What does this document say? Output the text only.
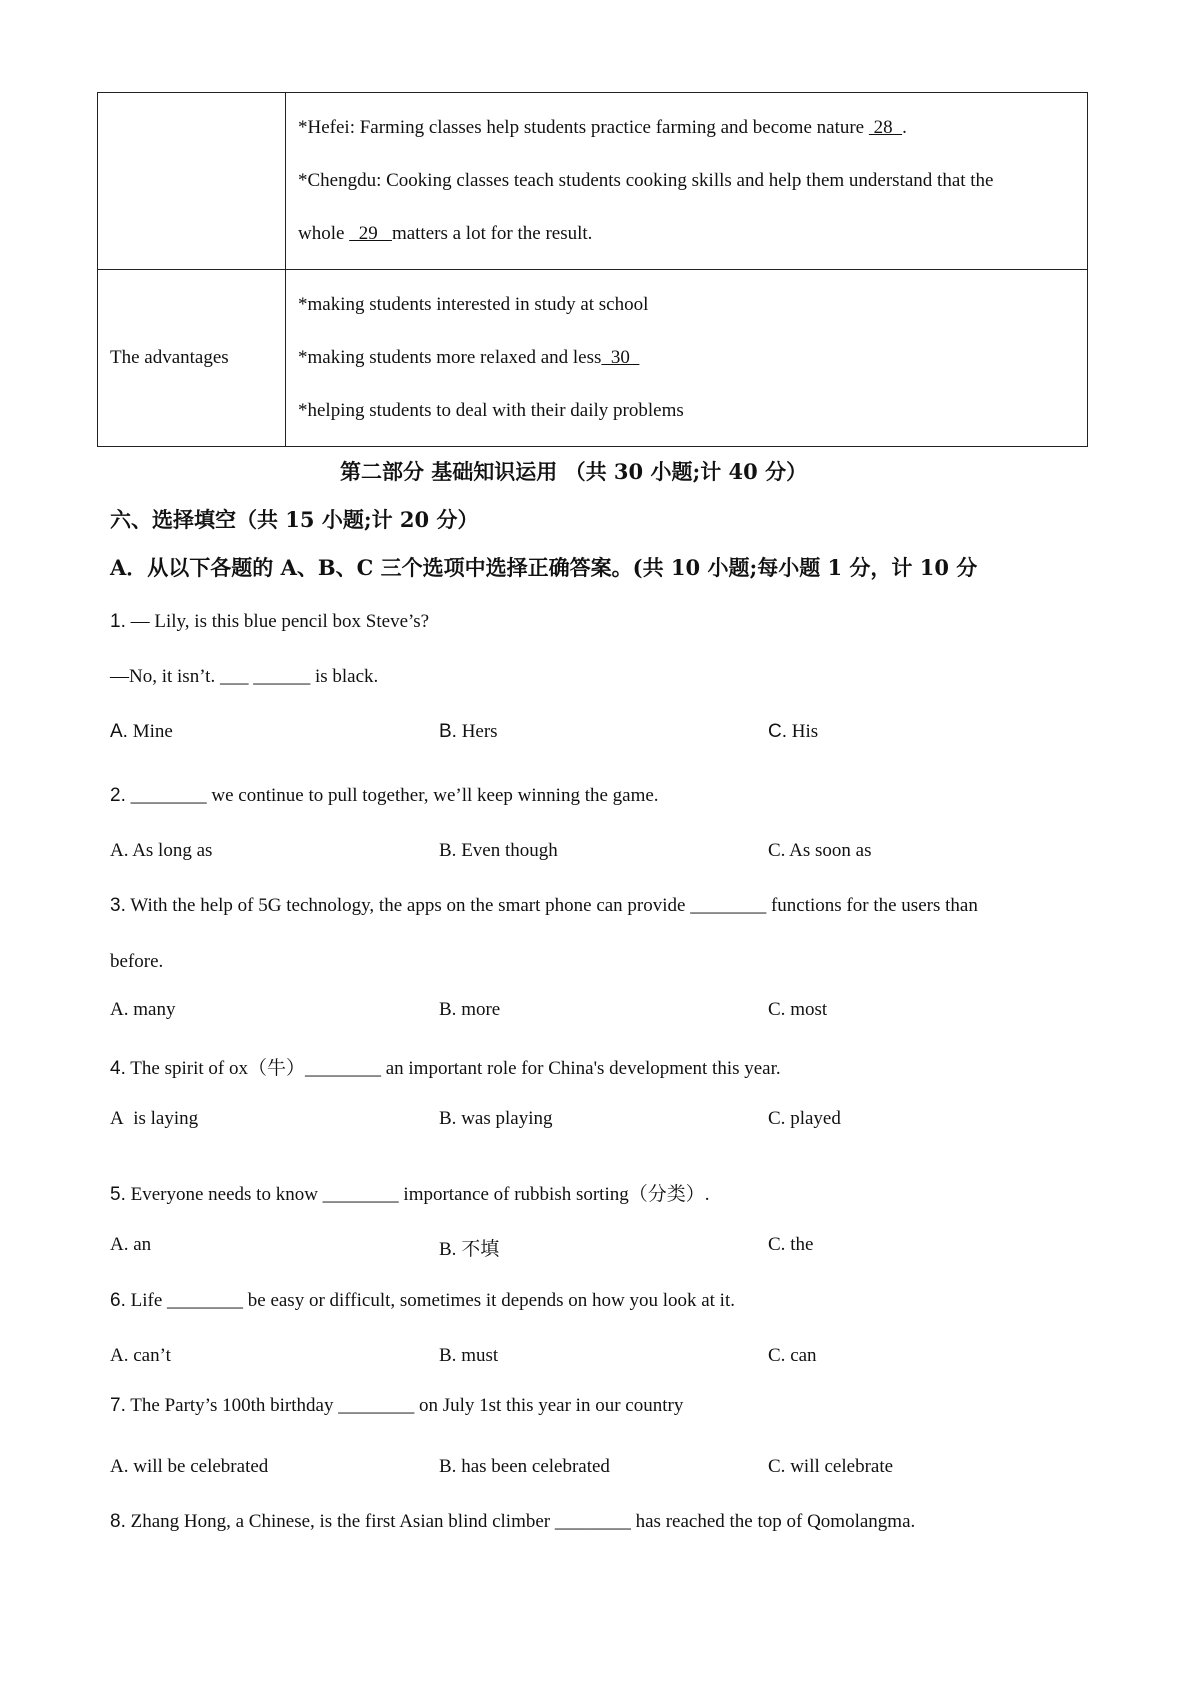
	*Hefei: Farming classes help students practice farming and become nature  28  .
*Chengdu: Cooking classes teach students cooking skills and help them understand that the
whole   29   matters a lot for the result.

The advantages	*making students interested in study at school
*making students more relaxed and less  30
*helping students to deal with their daily problems
第二部分 基础知识运用 （共 30 小题;计 40 分）
六、选择填空（共 15 小题;计 20 分）
A．从以下各题的 A、B、C 三个选项中选择正确答案。(共 10 小题;每小题 1 分，计 10 分
1. — Lily, is this blue pencil box Steve’s?
—No, it isn’t. ___ ______ is black.
A. Mine	B. Hers	C. His
2. ________ we continue to pull together, we’ll keep winning the game.
A. As long as	B. Even though	C. As soon as
3. With the help of 5G technology, the apps on the smart phone can provide ________ functions for the users than
before.
A. many	B. more	C. most
4. The spirit of ox（牛）________ an important role for China's development this year.
A is laying	B. was playing	C. played
5. Everyone needs to know ________ importance of rubbish sorting（分类）.
A. an	B. 不填	C. the
6. Life ________ be easy or difficult, sometimes it depends on how you look at it.
A. can’t	B. must	C. can
7. The Party’s 100th birthday ________ on July 1st this year in our country
A. will be celebrated	B. has been celebrated	C. will celebrate
8. Zhang Hong, a Chinese, is the first Asian blind climber ________ has reached the top of Qomolangma.
